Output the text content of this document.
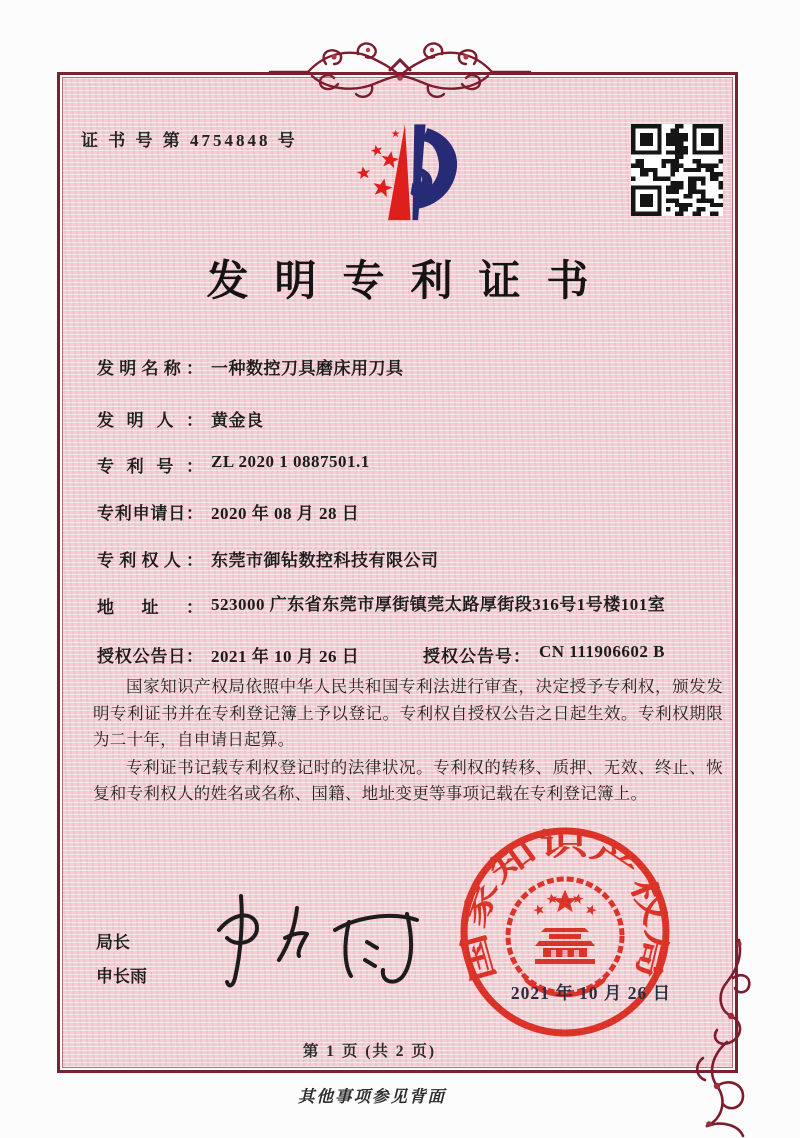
证 书 号 第 4754848 号
发明专利证书
发明名称： 一种数控刀具磨床用刀具
发明人： 黄金良
专利号： ZL 2020 1 0887501.1
专利申请日： 2020 年 08 月 28 日
专利权人： 东莞市御钻数控科技有限公司
地址： 523000 广东省东莞市厚街镇莞太路厚街段316号1号楼101室
授权公告日： 2021 年 10 月 26 日	授权公告号： CN 111906602 B

国家知识产权局依照中华人民共和国专利法进行审查，决定授予专利权，颁发发明专利证书并在专利登记簿上予以登记。专利权自授权公告之日起生效。专利权期限为二十年，自申请日起算。

专利证书记载专利权登记时的法律状况。专利权的转移、质押、无效、终止、恢复和专利权人的姓名或名称、国籍、地址变更等事项记载在专利登记簿上。

局长
申长雨	国家知识产权局
2021 年 10 月 26 日
第 1 页 (共 2 页)
其他事项参见背面
